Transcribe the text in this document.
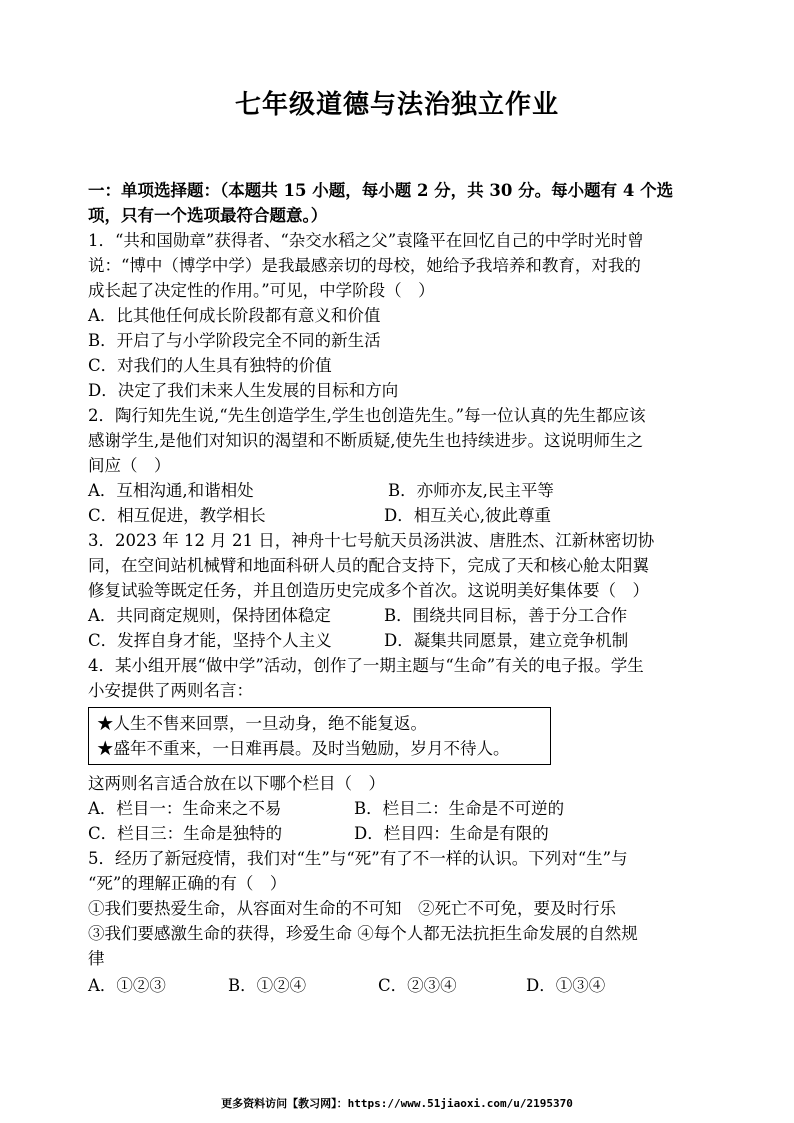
七年级道德与法治独立作业
一：单项选择题：（本题共 15 小题，每小题 2 分，共 30 分。每小题有 4 个选
项，只有一个选项最符合题意。）
1．“共和国勋章”获得者、“杂交水稻之父”袁隆平在回忆自己的中学时光时曾
说：“博中（博学中学）是我最感亲切的母校，她给予我培养和教育，对我的
成长起了决定性的作用。”可见，中学阶段（　）
A．比其他任何成长阶段都有意义和价值
B．开启了与小学阶段完全不同的新生活
C．对我们的人生具有独特的价值
D．决定了我们未来人生发展的目标和方向
2．陶行知先生说,“先生创造学生,学生也创造先生。”每一位认真的先生都应该
感谢学生,是他们对知识的渴望和不断质疑,使先生也持续进步。这说明师生之
间应（　）
A．互相沟通,和谐相处	B．亦师亦友,民主平等
C．相互促进，教学相长	D．相互关心,彼此尊重
3．2023 年 12 月 21 日，神舟十七号航天员汤洪波、唐胜杰、江新林密切协
同，在空间站机械臂和地面科研人员的配合支持下，完成了天和核心舱太阳翼
修复试验等既定任务，并且创造历史完成多个首次。这说明美好集体要（　）
A．共同商定规则，保持团体稳定	B．围绕共同目标，善于分工合作
C．发挥自身才能，坚持个人主义	D．凝集共同愿景，建立竞争机制
4．某小组开展“做中学”活动，创作了一期主题与“生命”有关的电子报。学生
小安提供了两则名言：
★人生不售来回票，一旦动身，绝不能复返。
★盛年不重来，一日难再晨。及时当勉励，岁月不待人。
这两则名言适合放在以下哪个栏目（　）
A．栏目一：生命来之不易	B．栏目二：生命是不可逆的
C．栏目三：生命是独特的	D．栏目四：生命是有限的
5．经历了新冠疫情，我们对“生”与“死”有了不一样的认识。下列对“生”与
“死”的理解正确的有（　）
①我们要热爱生命，从容面对生命的不可知　②死亡不可免，要及时行乐
③我们要感激生命的获得，珍爱生命 ④每个人都无法抗拒生命发展的自然规
律
A．①②③	B．①②④	C．②③④	D．①③④
更多资料访问【教习网】：https://www.51jiaoxi.com/u/2195370
